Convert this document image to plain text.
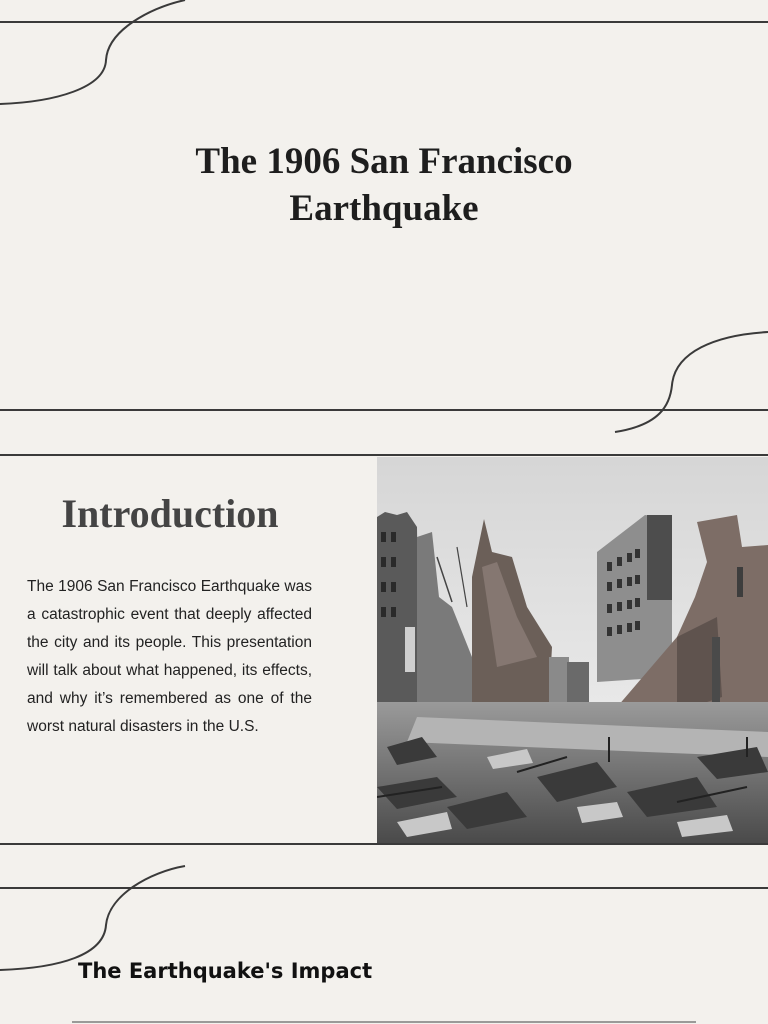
The 1906 San Francisco
Earthquake
Introduction

The 1906 San Francisco Earthquake was a catastrophic event that deeply affected the city and its people. This presentation will talk about what happened, its effects, and why it’s remembered as one of the worst natural disasters in the U.S.

The Earthquake's Impact
